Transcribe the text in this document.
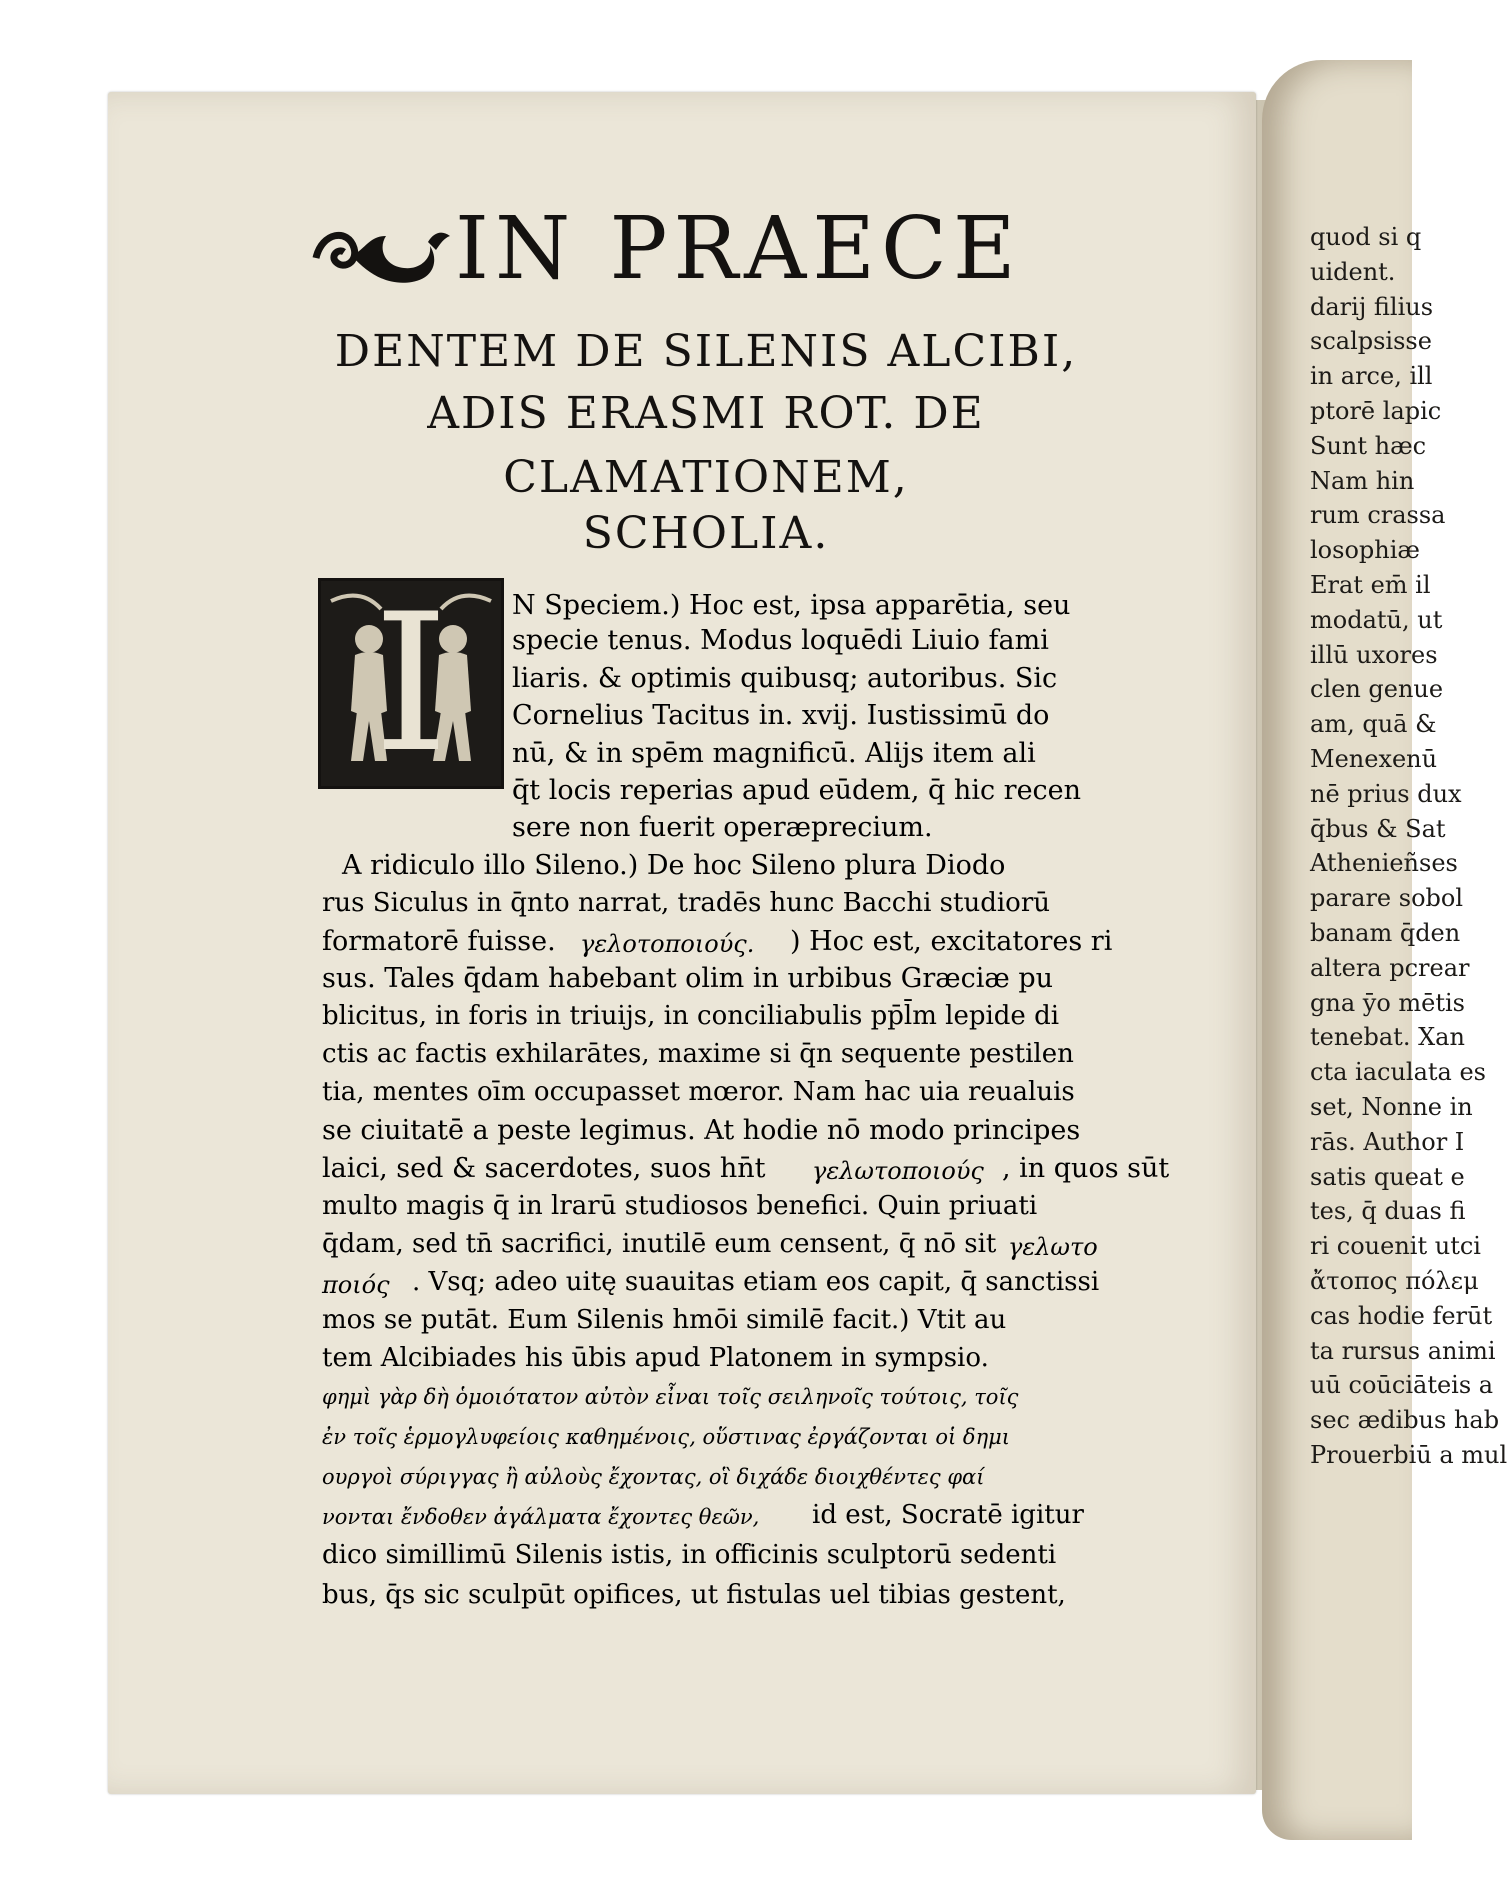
quod si q
uident.
darij filius
scalpsisse
in arce, ill
ptorē lapic
Sunt hæc
Nam hin
rum crassa
losophiæ
Erat em̄ il
modatū, ut
illū uxores
clen genue
am, quā &
Menexenū
nē prius dux
q̄bus & Sat
Athenieñses
parare sobol
banam q̄den
altera pcrear
gna ȳo mētis
tenebat. Xan
cta iaculata es
set, Nonne in
rās. Author I
satis queat e
tes, q̄ duas fi
ri couenit utci
ἄτοπος πόλεμ
cas hodie ferūt
ta rursus animi
uū coūciāteis a
sec ædibus hab
Prouerbiū a mul
IN PRAECE
DENTEM DE SILENIS ALCIBI,
ADIS ERASMI ROT. DE
CLAMATIONEM,
SCHOLIA.
I	N Speciem.) Hoc est, ipsa apparētia, seu
specie tenus. Modus loquēdi Liuio fami
liaris. & optimis quibusq; autoribus. Sic
Cornelius Tacitus in. xvij. Iustissimū do
nū, & in spēm magnificū. Alijs item ali
q̄t locis reperias apud eūdem, q̄ hic recen
sere non fuerit operæprecium.
A ridiculo illo Sileno.) De hoc Sileno plura Diodo
rus Siculus in q̄nto narrat, tradēs hunc Bacchi studiorū
formatorē fuisse. γελοτοποιούς. ) Hoc est, excitatores ri
sus. Tales q̄dam habebant olim in urbibus Græciæ pu
blicitus, in foris in triuijs, in conciliabulis pp̄l̄m lepide di
ctis ac factis exhilarātes, maxime si q̄n sequente pestilen
tia, mentes oīm occupasset mœror. Nam hac uia reualuis
se ciuitatē a peste legimus. At hodie nō modo principes
laici, sed & sacerdotes, suos hn̄t γελωτοποιούς , in quos sūt
multo magis q̄ in lrarū studiosos benefici. Quin priuati
q̄dam, sed tn̄ sacrifici, inutilē eum censent, q̄ nō sit γελωτο
ποιός . Vsq; adeo uitę suauitas etiam eos capit, q̄ sanctissi
mos se putāt. Eum Silenis hmōi similē facit.) Vtit au
tem Alcibiades his ūbis apud Platonem in sympsio.
φημὶ γὰρ δὴ ὁμοιότατον αὐτὸν εἶναι τοῖς σειληνοῖς τούτοις, τοῖς
ἐν τοῖς ἑρμογλυφείοις καθημένοις, οὕστινας ἐργάζονται οἱ δημι
ουργοὶ σύριγγας ἢ αὐλοὺς ἔχοντας, οἳ διχάδε διοιχθέντες φαί
νονται ἔνδοθεν ἀγάλματα ἔχοντες θεῶν, id est, Socratē igitur
dico simillimū Silenis istis, in officinis sculptorū sedenti
bus, q̄s sic sculpūt opifices, ut fistulas uel tibias gestent,
